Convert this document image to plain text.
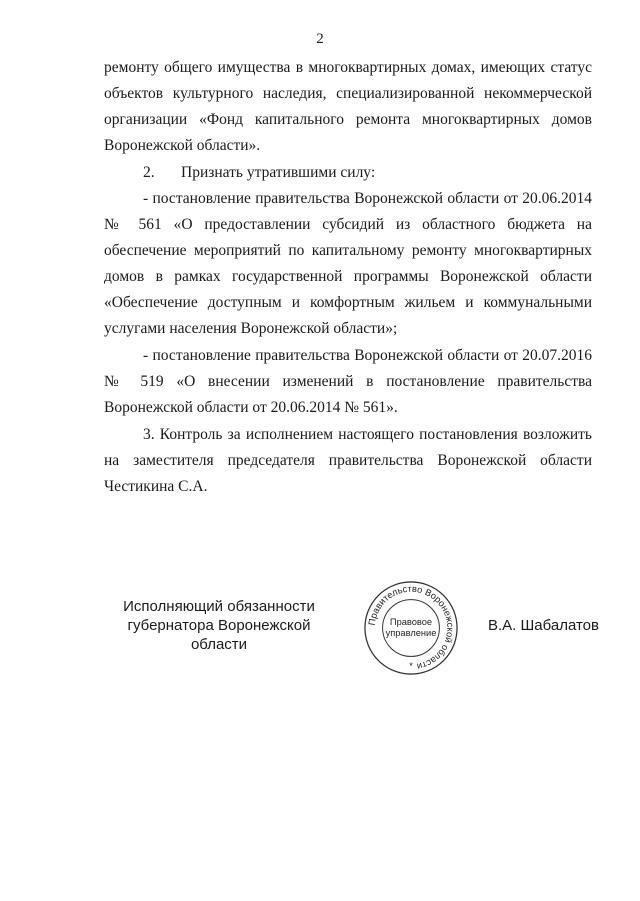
2
ремонту общего имущества в многоквартирных домах, имеющих статус
объектов культурного наследия, специализированной некоммерческой
организации «Фонд капитального ремонта многоквартирных домов
Воронежской области».
2. Признать утратившими силу:
- постановление правительства Воронежской области от 20.06.2014
№ 561 «О предоставлении субсидий из областного бюджета на
обеспечение мероприятий по капитальному ремонту многоквартирных
домов в рамках государственной программы Воронежской области
«Обеспечение доступным и комфортным жильем и коммунальными
услугами населения Воронежской области»;
- постановление правительства Воронежской области от 20.07.2016
№ 519 «О внесении изменений в постановление правительства
Воронежской области от 20.06.2014 № 561».
3. Контроль за исполнением настоящего постановления возложить
на заместителя председателя правительства Воронежской области
Честикина С.А.
Исполняющий обязанности
губернатора Воронежской области
Правительство Воронежской области
Правовое
управление
*
В.А. Шабалатов
